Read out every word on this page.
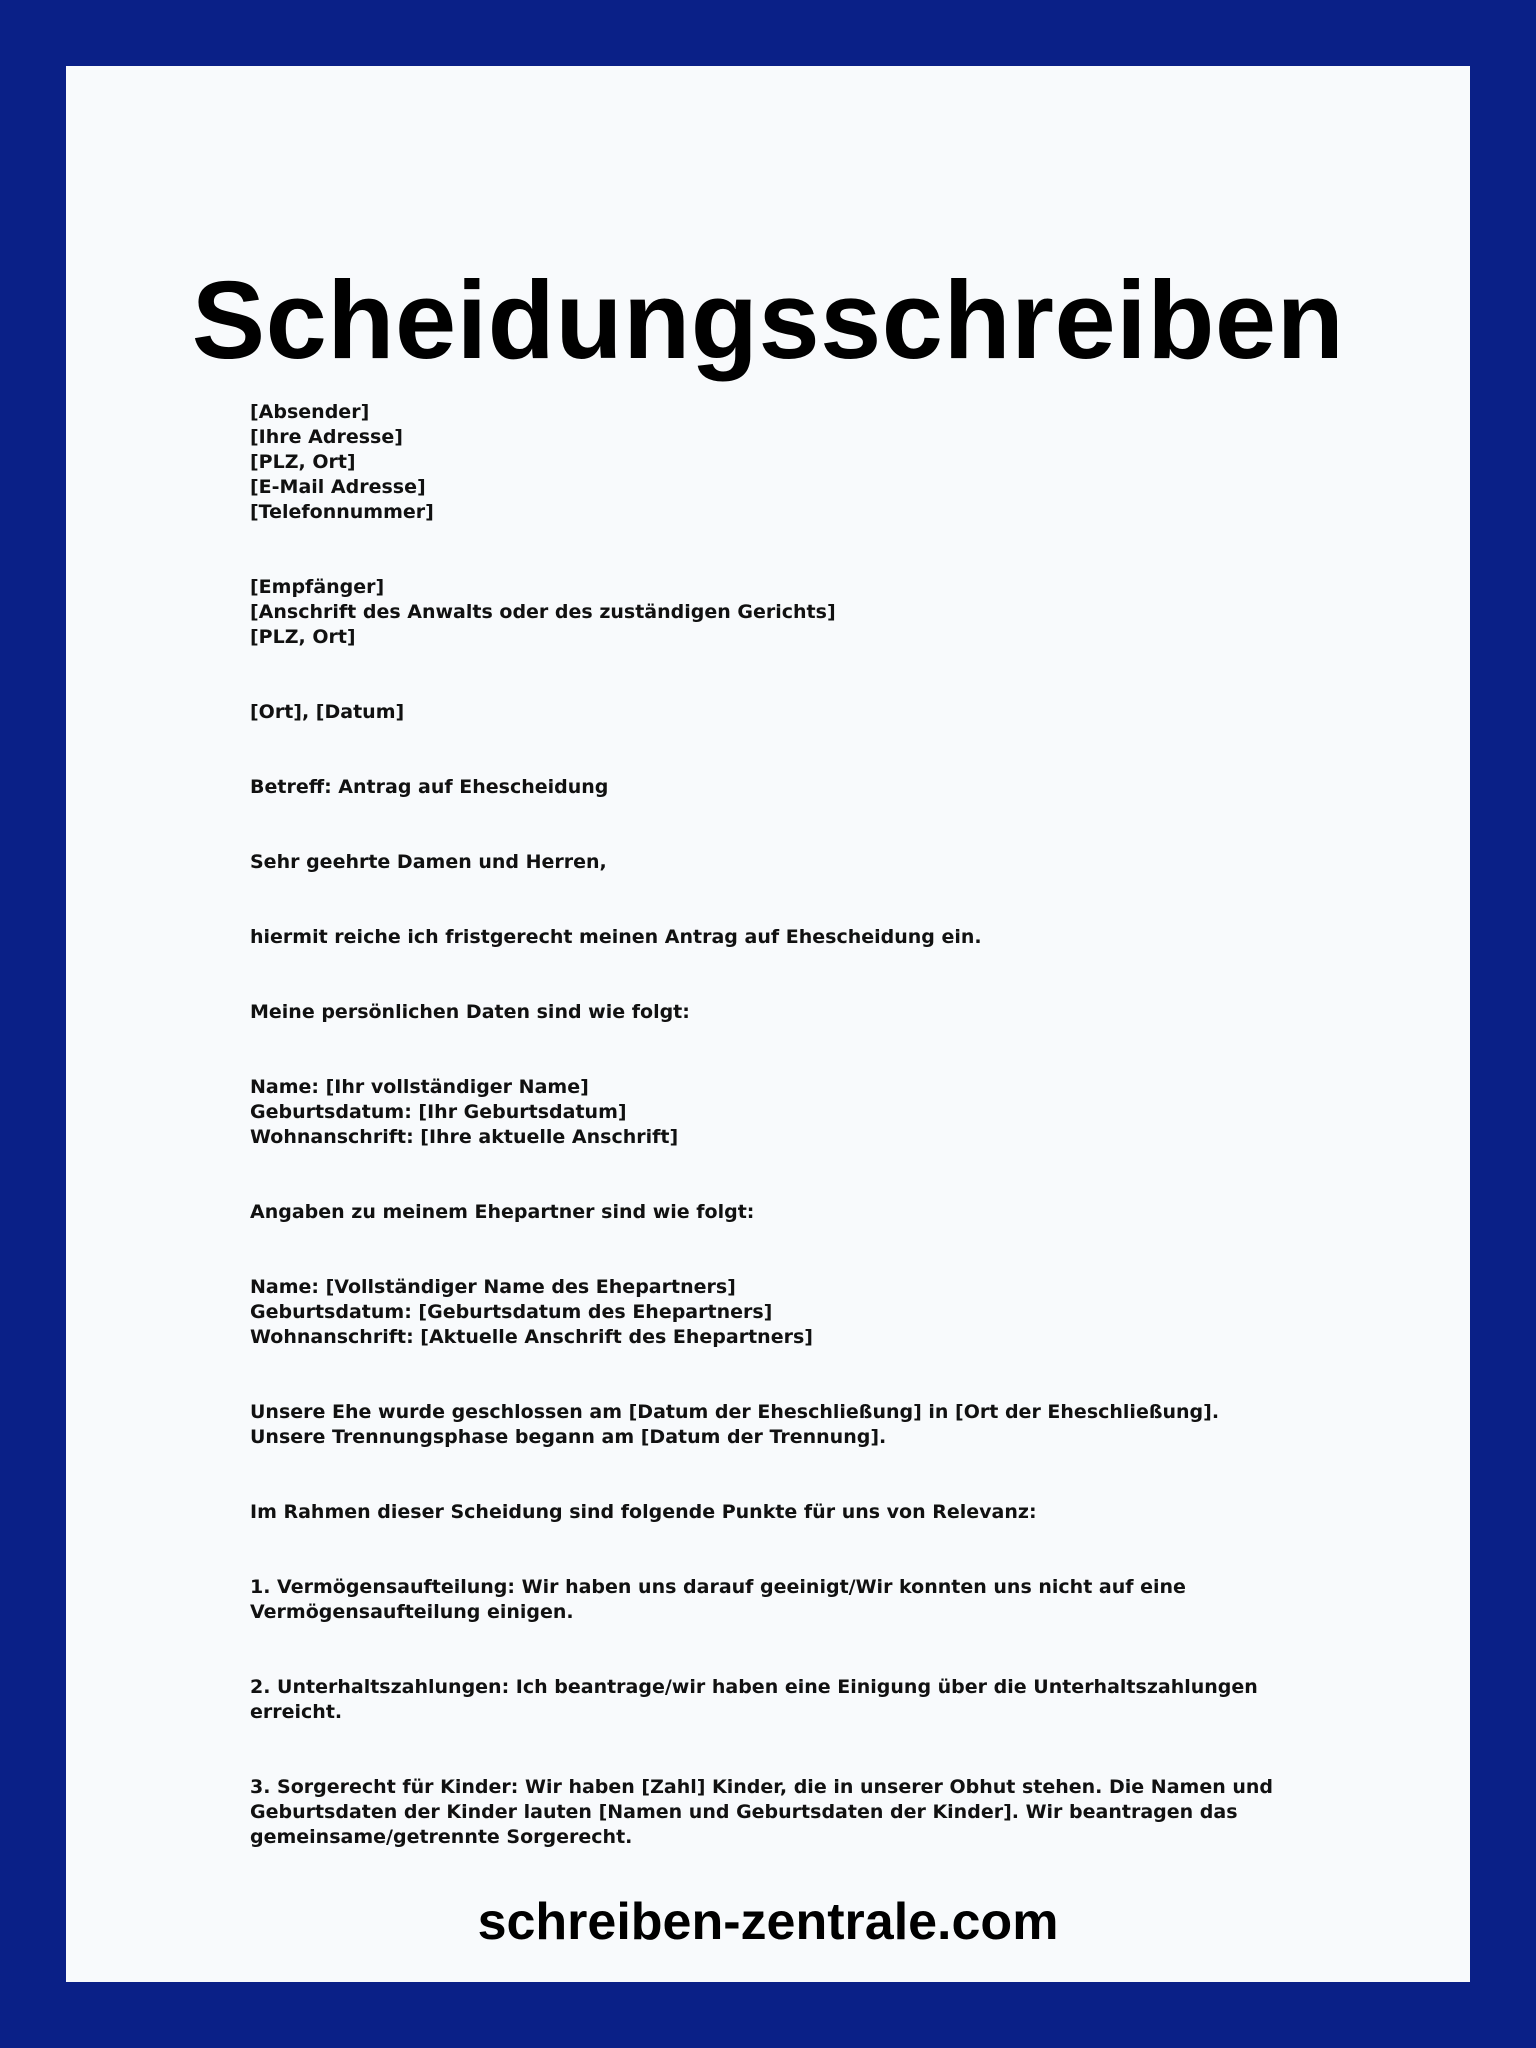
Scheidungsschreiben
[Absender]
[Ihre Adresse]
[PLZ, Ort]
[E-Mail Adresse]
[Telefonnummer]
[Empfänger]
[Anschrift des Anwalts oder des zuständigen Gerichts]
[PLZ, Ort]
[Ort], [Datum]
Betreff: Antrag auf Ehescheidung
Sehr geehrte Damen und Herren,
hiermit reiche ich fristgerecht meinen Antrag auf Ehescheidung ein.
Meine persönlichen Daten sind wie folgt:
Name: [Ihr vollständiger Name]
Geburtsdatum: [Ihr Geburtsdatum]
Wohnanschrift: [Ihre aktuelle Anschrift]
Angaben zu meinem Ehepartner sind wie folgt:
Name: [Vollständiger Name des Ehepartners]
Geburtsdatum: [Geburtsdatum des Ehepartners]
Wohnanschrift: [Aktuelle Anschrift des Ehepartners]
Unsere Ehe wurde geschlossen am [Datum der Eheschließung] in [Ort der Eheschließung].
Unsere Trennungsphase begann am [Datum der Trennung].
Im Rahmen dieser Scheidung sind folgende Punkte für uns von Relevanz:
1. Vermögensaufteilung: Wir haben uns darauf geeinigt/Wir konnten uns nicht auf eine
Vermögensaufteilung einigen.
2. Unterhaltszahlungen: Ich beantrage/wir haben eine Einigung über die Unterhaltszahlungen erreicht.
3. Sorgerecht für Kinder: Wir haben [Zahl] Kinder, die in unserer Obhut stehen. Die Namen und
Geburtsdaten der Kinder lauten [Namen und Geburtsdaten der Kinder]. Wir beantragen das
gemeinsame/getrennte Sorgerecht.
schreiben-zentrale.com
